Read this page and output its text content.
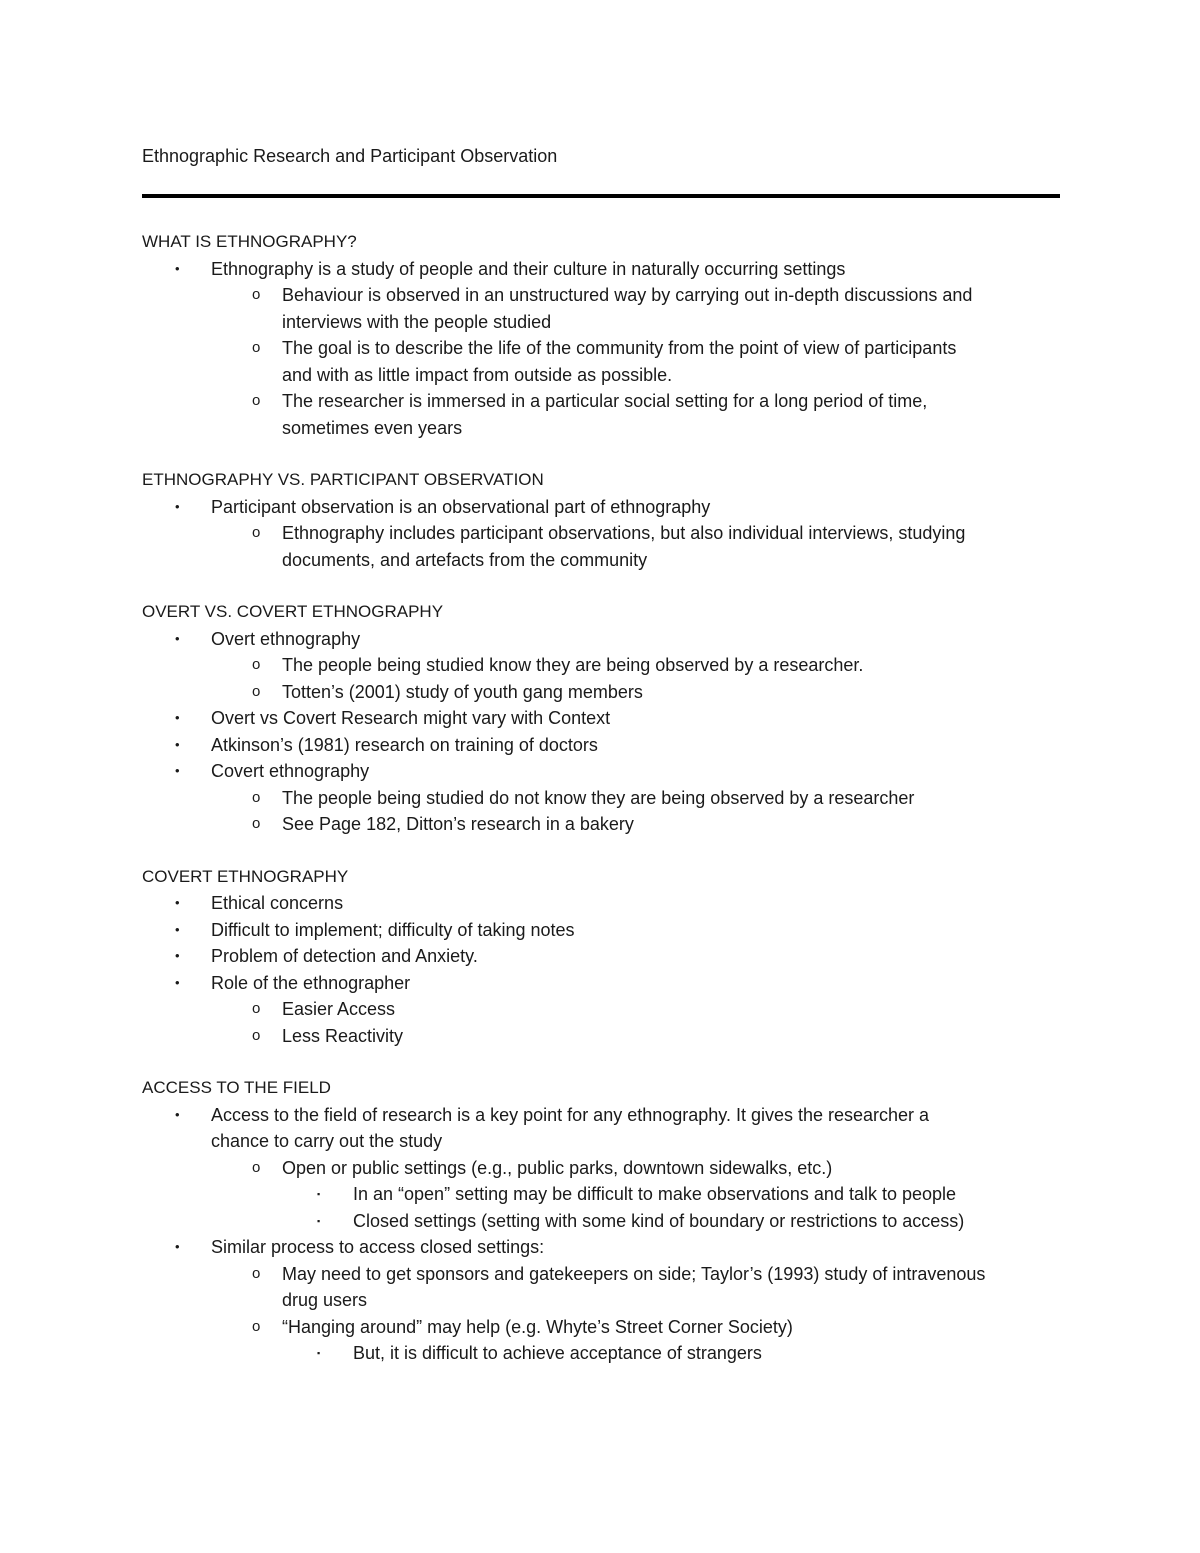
Ethnographic Research and Participant Observation
WHAT IS ETHNOGRAPHY?
• Ethnography is a study of people and their culture in naturally occurring settings
o Behaviour is observed in an unstructured way by carrying out in-depth discussions and
interviews with the people studied
o The goal is to describe the life of the community from the point of view of participants
and with as little impact from outside as possible.
o The researcher is immersed in a particular social setting for a long period of time,
sometimes even years
ETHNOGRAPHY VS. PARTICIPANT OBSERVATION
• Participant observation is an observational part of ethnography
o Ethnography includes participant observations, but also individual interviews, studying
documents, and artefacts from the community
OVERT VS. COVERT ETHNOGRAPHY
• Overt ethnography
o The people being studied know they are being observed by a researcher.
o Totten’s (2001) study of youth gang members
• Overt vs Covert Research might vary with Context
• Atkinson’s (1981) research on training of doctors
• Covert ethnography
o The people being studied do not know they are being observed by a researcher
o See Page 182, Ditton’s research in a bakery
COVERT ETHNOGRAPHY
• Ethical concerns
• Difficult to implement; difficulty of taking notes
• Problem of detection and Anxiety.
• Role of the ethnographer
o Easier Access
o Less Reactivity
ACCESS TO THE FIELD
• Access to the field of research is a key point for any ethnography. It gives the researcher a
chance to carry out the study
o Open or public settings (e.g., public parks, downtown sidewalks, etc.)
▪ In an “open” setting may be difficult to make observations and talk to people
▪ Closed settings (setting with some kind of boundary or restrictions to access)
• Similar process to access closed settings:
o May need to get sponsors and gatekeepers on side; Taylor’s (1993) study of intravenous
drug users
o “Hanging around” may help (e.g. Whyte’s Street Corner Society)
▪ But, it is difficult to achieve acceptance of strangers
